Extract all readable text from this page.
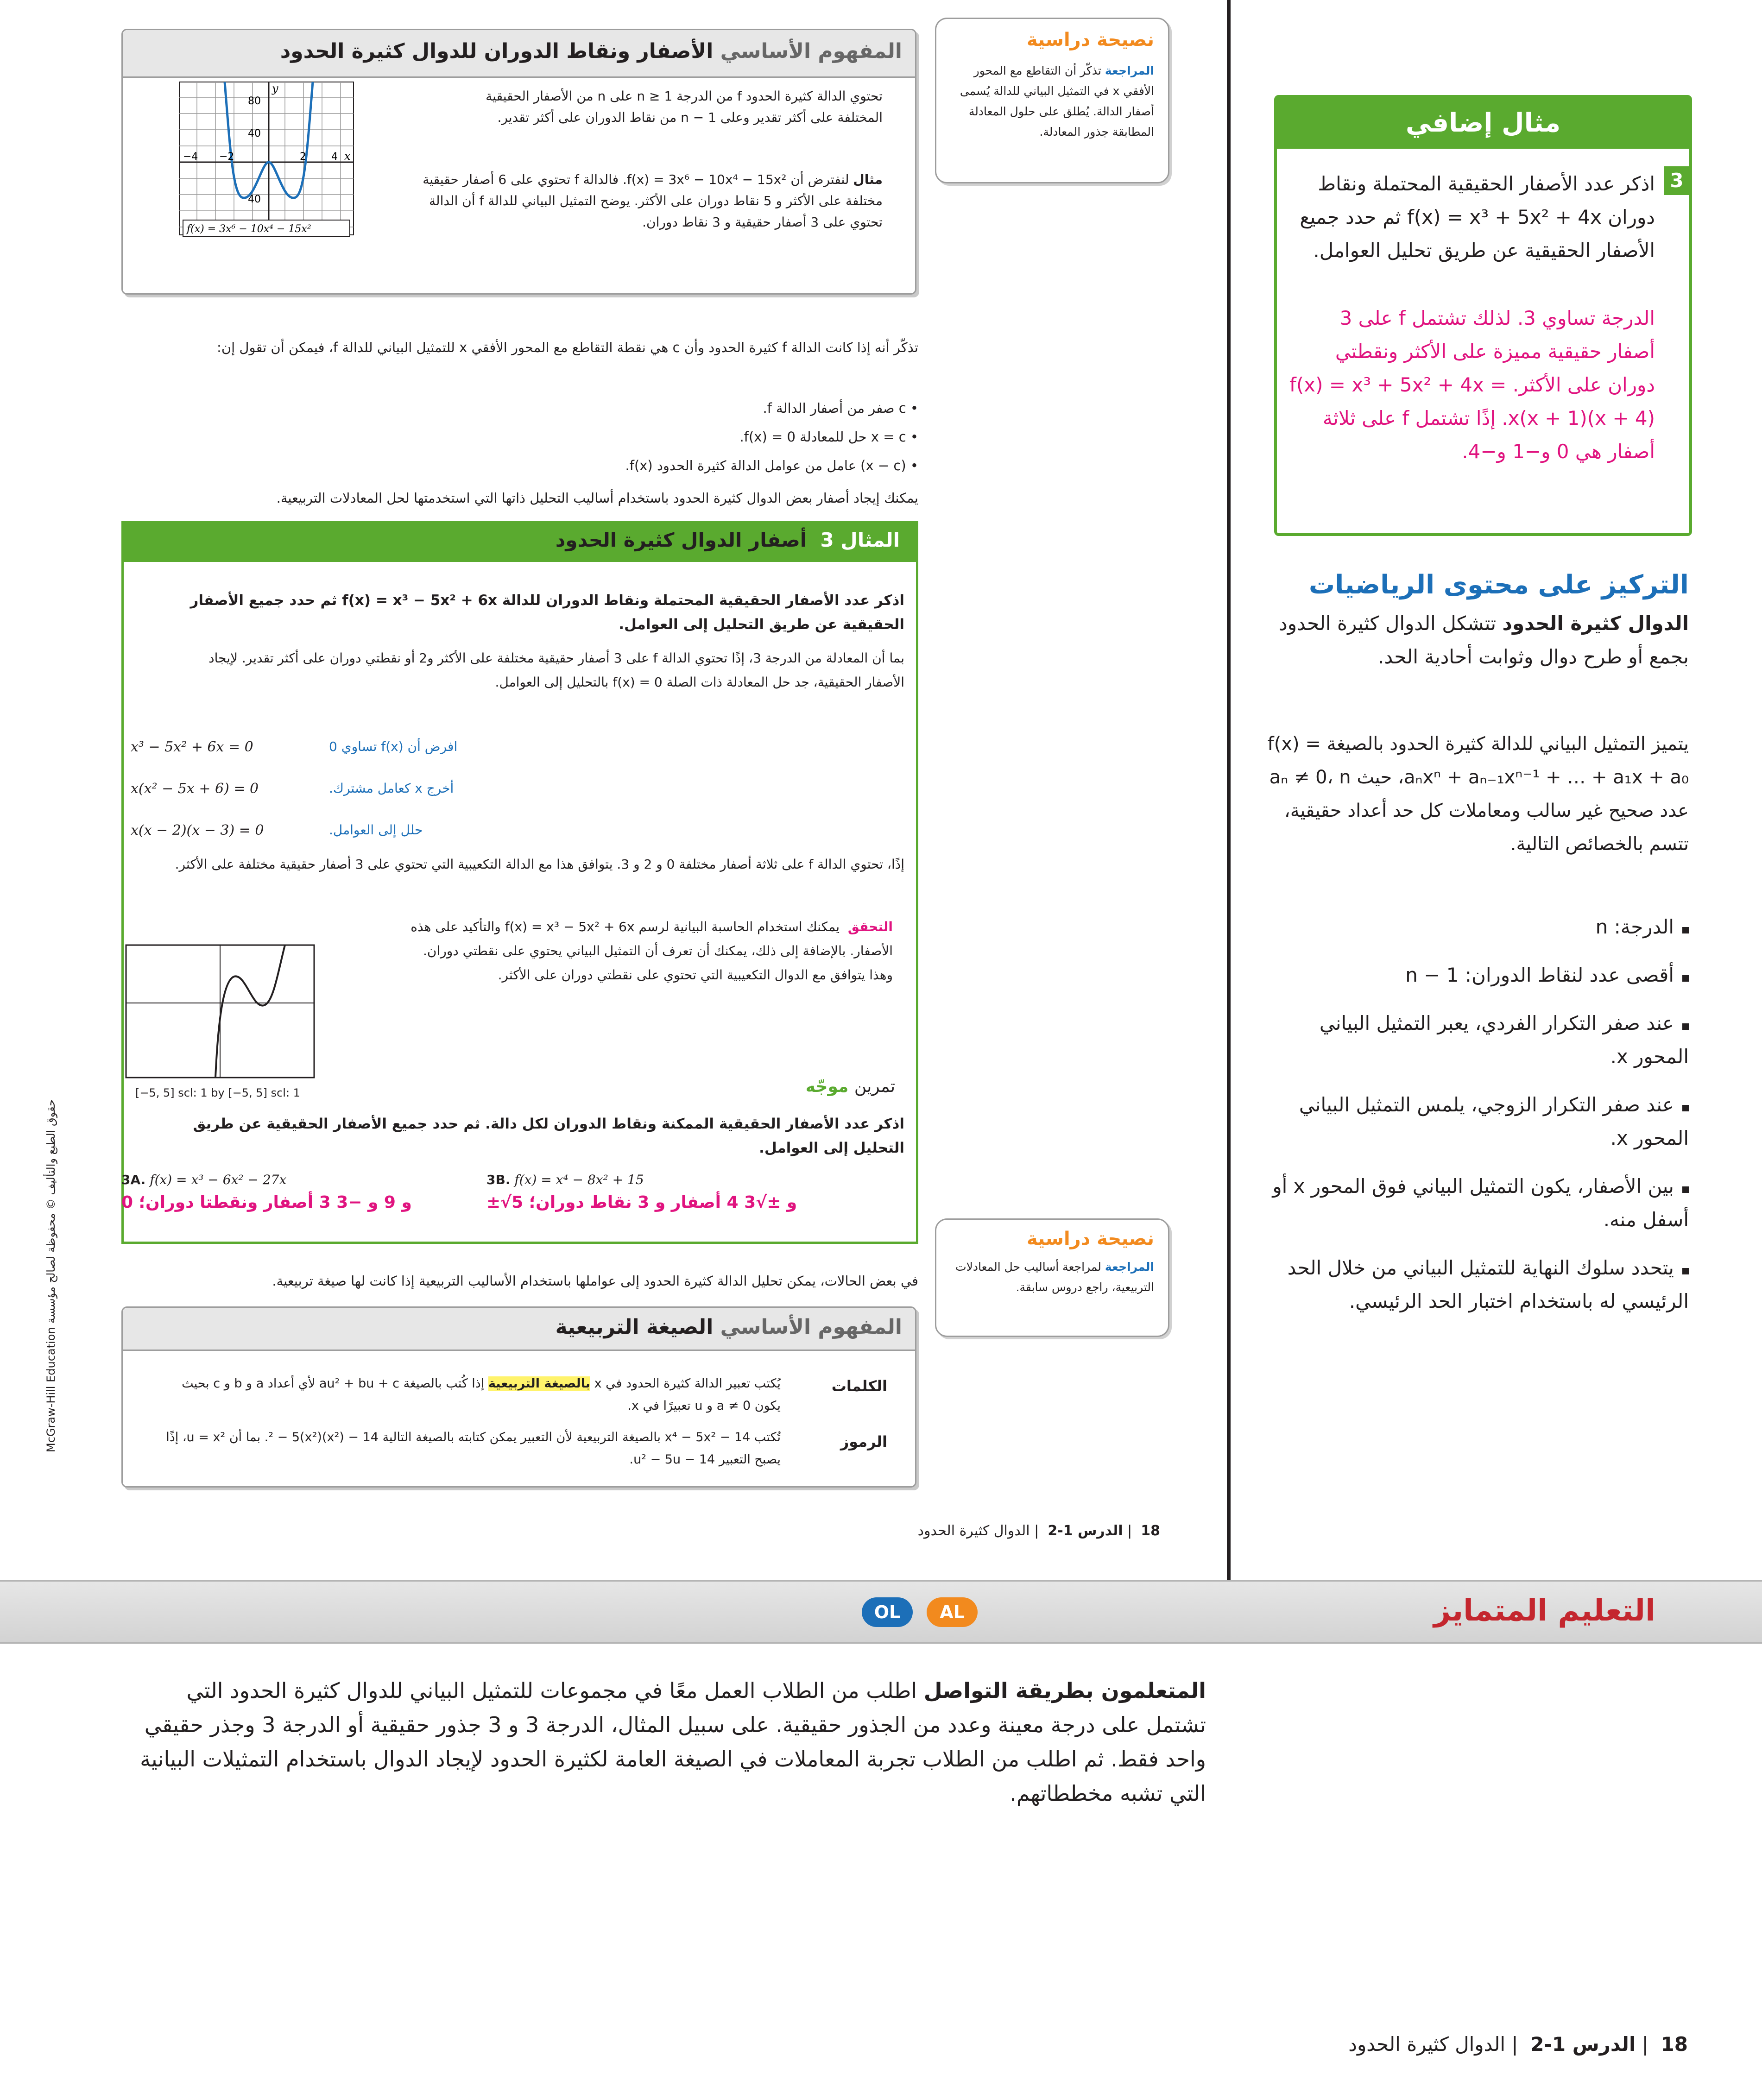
المفهوم الأساسي الأصفار ونقاط الدوران للدوال كثيرة الحدود
تحتوي الدالة كثيرة الحدود f من الدرجة n ≥ 1 على n من الأصفار الحقيقية المختلفة على أكثر تقدير وعلى n − 1 من نقاط الدوران على أكثر تقدير.
مثال لنفترض أن f(x) = 3x⁶ − 10x⁴ − 15x². فالدالة f تحتوي على 6 أصفار حقيقية مختلفة على الأكثر و 5 نقاط دوران على الأكثر. يوضح التمثيل البياني للدالة f أن الدالة تحتوي على 3 أصفار حقيقية و 3 نقاط دوران.
80
40
40
−4 −2	2 4
y
x
f(x) = 3x⁶ − 10x⁴ − 15x²
نصيحة دراسية
المراجعة تذكّر أن التقاطع مع المحور الأفقي x في التمثيل البياني للدالة يُسمى أصفار الدالة. يُطلق على حلول المعادلة المطابقة جذور المعادلة.
تذكّر أنه إذا كانت الدالة f كثيرة الحدود وأن c هي نقطة التقاطع مع المحور الأفقي x للتمثيل البياني للدالة f، فيمكن أن تقول إن:
• c صفر من أصفار الدالة f.
• x = c حل للمعادلة f(x) = 0.
• (x − c) عامل من عوامل الدالة كثيرة الحدود f(x).
يمكنك إيجاد أصفار بعض الدوال كثيرة الحدود باستخدام أساليب التحليل ذاتها التي استخدمتها لحل المعادلات التربيعية.
المثال 3  أصفار الدوال كثيرة الحدود
اذكر عدد الأصفار الحقيقية المحتملة ونقاط الدوران للدالة f(x) = x³ − 5x² + 6x ثم حدد جميع الأصفار الحقيقية عن طريق التحليل إلى العوامل.
بما أن المعادلة من الدرجة 3، إذًا تحتوي الدالة f على 3 أصفار حقيقية مختلفة على الأكثر و2 أو نقطتي دوران على أكثر تقدير. لإيجاد الأصفار الحقيقية، جد حل المعادلة ذات الصلة f(x) = 0 بالتحليل إلى العوامل.
x³ − 5x² + 6x = 0	افرض أن f(x) تساوي 0
x(x² − 5x + 6) = 0	أخرج x كعامل مشترك.
x(x − 2)(x − 3) = 0	حلل إلى العوامل.
إذًا، تحتوي الدالة f على ثلاثة أصفار مختلفة 0 و 2 و 3. يتوافق هذا مع الدالة التكعيبية التي تحتوي على 3 أصفار حقيقية مختلفة على الأكثر.
التحقق  يمكنك استخدام الحاسبة البيانية لرسم f(x) = x³ − 5x² + 6x والتأكيد على هذه الأصفار. بالإضافة إلى ذلك، يمكنك أن تعرف أن التمثيل البياني يحتوي على نقطتي دوران. وهذا يتوافق مع الدوال التكعيبية التي تحتوي على نقطتي دوران على الأكثر.
[−5, 5] scl: 1 by [−5, 5] scl: 1	تمرين موجّه
اذكر عدد الأصفار الحقيقية الممكنة ونقاط الدوران لكل دالة. ثم حدد جميع الأصفار الحقيقية عن طريق التحليل إلى العوامل.
3A. f(x) = x³ − 6x² − 27x
0 و 9 و −3 3 أصفار ونقطتا دوران؛
3B. f(x) = x⁴ − 8x² + 15
±√5 و ±√3 4 أصفار و 3 نقاط دوران؛
نصيحة دراسية
المراجعة لمراجعة أساليب حل المعادلات التربيعية، راجع دروس سابقة.
في بعض الحالات، يمكن تحليل الدالة كثيرة الحدود إلى عواملها باستخدام الأساليب التربيعية إذا كانت لها صيغة تربيعية.
المفهوم الأساسي الصيغة التربيعية
الكلمات
يُكتب تعبير الدالة كثيرة الحدود في x بالصيغة التربيعية إذا كُتب بالصيغة au² + bu + c لأي أعداد a و b و c بحيث يكون a ≠ 0 و u تعبيرًا في x.
الرموز
تُكتب x⁴ − 5x² − 14 بالصيغة التربيعية لأن التعبير يمكن كتابته بالصيغة التالية 14 − (x²)² − 5(x²). بما أن u = x²، إذًا يصبح التعبير u² − 5u − 14.
18  | الدرس 1-2  | الدوال كثيرة الحدود
حقوق الطبع والتأليف © محفوظة لصالح مؤسسة McGraw-Hill Education
مثال إضافي
3
اذكر عدد الأصفار الحقيقية المحتملة ونقاط دوران f(x) = x³ + 5x² + 4x ثم حدد جميع الأصفار الحقيقية عن طريق تحليل العوامل.
الدرجة تساوي 3. لذلك تشتمل f على 3 أصفار حقيقية مميزة على الأكثر ونقطتي دوران على الأكثر. f(x) = x³ + 5x² + 4x = x(x + 1)(x + 4). إذًا تشتمل f على ثلاثة أصفار هي 0 و−1 و−4.
التركيز على محتوى الرياضيات
الدوال كثيرة الحدود تتشكل الدوال كثيرة الحدود بجمع أو طرح دوال وثوابت أحادية الحد.
يتميز التمثيل البياني للدالة كثيرة الحدود بالصيغة f(x) = aₙxⁿ + aₙ₋₁xⁿ⁻¹ + … + a₁x + a₀، حيث aₙ ≠ 0، n عدد صحيح غير سالب ومعاملات كل حد أعداد حقيقية، تتسم بالخصائص التالية.
الدرجة: n
أقصى عدد لنقاط الدوران: n − 1
عند صفر التكرار الفردي، يعبر التمثيل البياني المحور x.
عند صفر التكرار الزوجي، يلمس التمثيل البياني المحور x.
بين الأصفار، يكون التمثيل البياني فوق المحور x أو أسفل منه.
يتحدد سلوك النهاية للتمثيل البياني من خلال الحد الرئيسي له باستخدام اختبار الحد الرئيسي.
التعليم المتمايز
AL
OL
المتعلمون بطريقة التواصل اطلب من الطلاب العمل معًا في مجموعات للتمثيل البياني للدوال كثيرة الحدود التي تشتمل على درجة معينة وعدد من الجذور حقيقية. على سبيل المثال، الدرجة 3 و 3 جذور حقيقية أو الدرجة 3 وجذر حقيقي واحد فقط. ثم اطلب من الطلاب تجربة المعاملات في الصيغة العامة لكثيرة الحدود لإيجاد الدوال باستخدام التمثيلات البيانية التي تشبه مخططاتهم.
18  | الدرس 1-2  | الدوال كثيرة الحدود
